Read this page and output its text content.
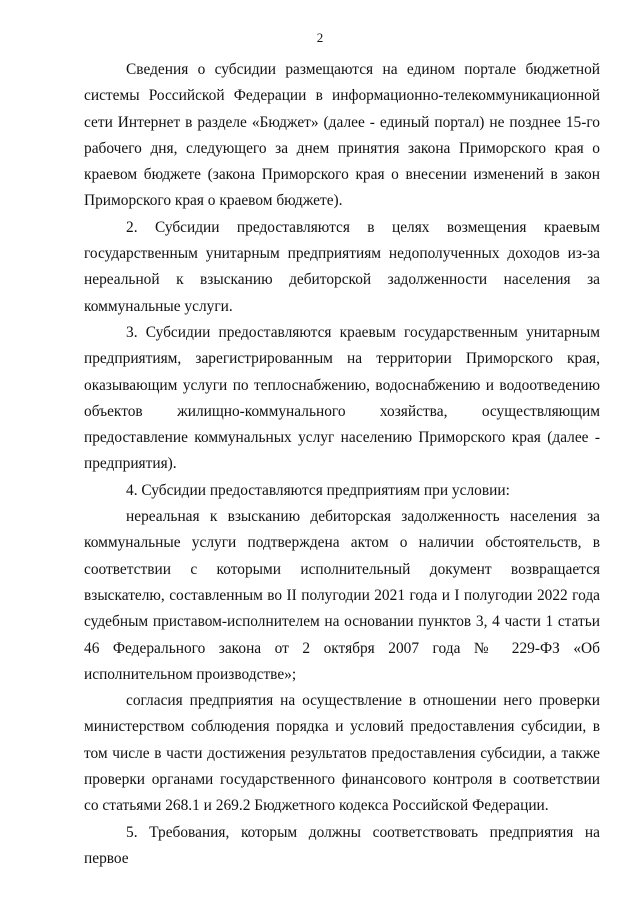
2

Сведения о субсидии размещаются на едином портале бюджетной системы Российской Федерации в информационно-телекоммуникационной сети Интернет в разделе «Бюджет» (далее - единый портал) не позднее 15-го рабочего дня, следующего за днем принятия закона Приморского края о краевом бюджете (закона Приморского края о внесении изменений в закон Приморского края о краевом бюджете).

2. Субсидии предоставляются в целях возмещения краевым государственным унитарным предприятиям недополученных доходов из-за нереальной к взысканию дебиторской задолженности населения за коммунальные услуги.

3. Субсидии предоставляются краевым государственным унитарным предприятиям, зарегистрированным на территории Приморского края, оказывающим услуги по теплоснабжению, водоснабжению и водоотведению объектов жилищно-коммунального хозяйства, осуществляющим предоставление коммунальных услуг населению Приморского края (далее - предприятия).

4. Субсидии предоставляются предприятиям при условии:

нереальная к взысканию дебиторская задолженность населения за коммунальные услуги подтверждена актом о наличии обстоятельств, в соответствии с которыми исполнительный документ возвращается взыскателю, составленным во II полугодии 2021 года и I полугодии 2022 года судебным приставом-исполнителем на основании пунктов 3, 4 части 1 статьи 46 Федерального закона от 2 октября 2007 года № 229-ФЗ «Об исполнительном производстве»;

согласия предприятия на осуществление в отношении него проверки министерством соблюдения порядка и условий предоставления субсидии, в том числе в части достижения результатов предоставления субсидии, а также проверки органами государственного финансового контроля в соответствии со статьями 268.1 и 269.2 Бюджетного кодекса Российской Федерации.

5. Требования, которым должны соответствовать предприятия на первое
